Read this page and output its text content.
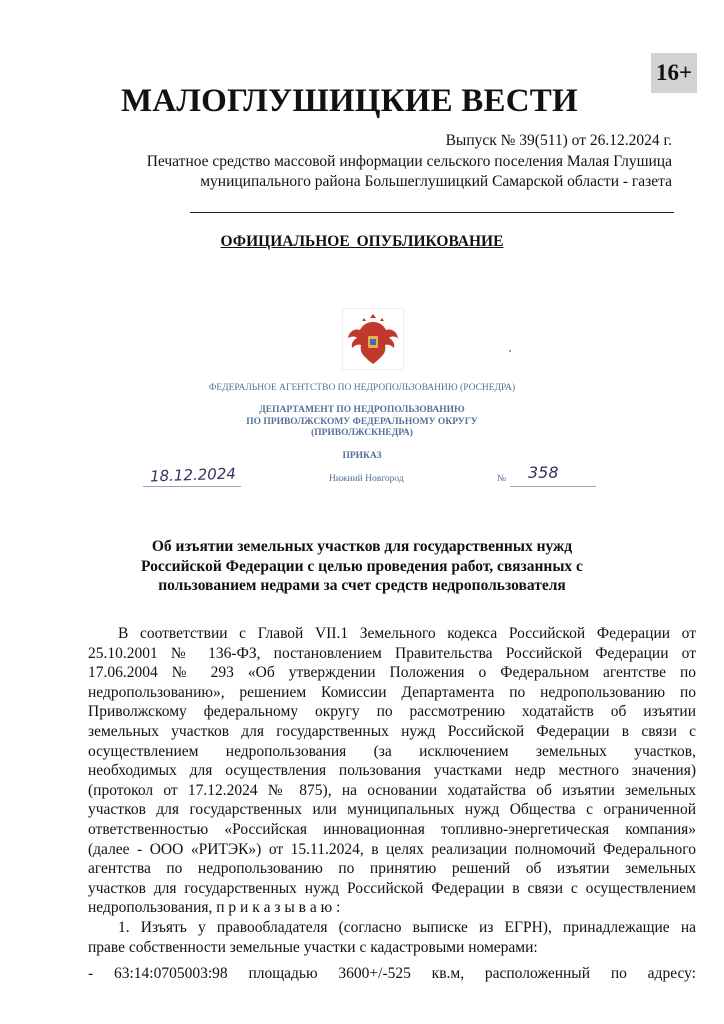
16+
МАЛОГЛУШИЦКИЕ ВЕСТИ
Выпуск № 39(511) от 26.12.2024 г.
Печатное средство массовой информации сельского поселения Малая Глушица
муниципального района Большеглушицкий Самарской области - газета
ОФИЦИАЛЬНОЕ ОПУБЛИКОВАНИЕ
ФЕДЕРАЛЬНОЕ АГЕНТСТВО ПО НЕДРОПОЛЬЗОВАНИЮ (РОСНЕДРА)
ДЕПАРТАМЕНТ ПО НЕДРОПОЛЬЗОВАНИЮ
ПО ПРИВОЛЖСКОМУ ФЕДЕРАЛЬНОМУ ОКРУГУ
(ПРИВОЛЖСКНЕДРА)
ПРИКАЗ
18.12.2024	Нижний Новгород	№ 358
Об изъятии земельных участков для государственных нужд
Российской Федерации с целью проведения работ, связанных с
пользованием недрами за счет средств недропользователя
В соответствии с Главой VII.1 Земельного кодекса Российской Федерации от
25.10.2001 № 136-ФЗ, постановлением Правительства Российской Федерации от
17.06.2004 № 293 «Об утверждении Положения о Федеральном агентстве по
недропользованию», решением Комиссии Департамента по недропользованию по
Приволжскому федеральному округу по рассмотрению ходатайств об изъятии
земельных участков для государственных нужд Российской Федерации в связи с
осуществлением недропользования (за исключением земельных участков,
необходимых для осуществления пользования участками недр местного значения)
(протокол от 17.12.2024 № 875), на основании ходатайства об изъятии земельных
участков для государственных или муниципальных нужд Общества с ограниченной
ответственностью «Российская инновационная топливно-энергетическая компания»
(далее - ООО «РИТЭК») от 15.11.2024, в целях реализации полномочий Федерального
агентства по недропользованию по принятию решений об изъятии земельных
участков для государственных нужд Российской Федерации в связи с осуществлением
недропользования, п р и к а з ы в а ю :
1. Изъять у правообладателя (согласно выписке из ЕГРН), принадлежащие на
праве собственности земельные участки с кадастровыми номерами:
- 63:14:0705003:98 площадью 3600+/-525 кв.м, расположенный по адресу:
